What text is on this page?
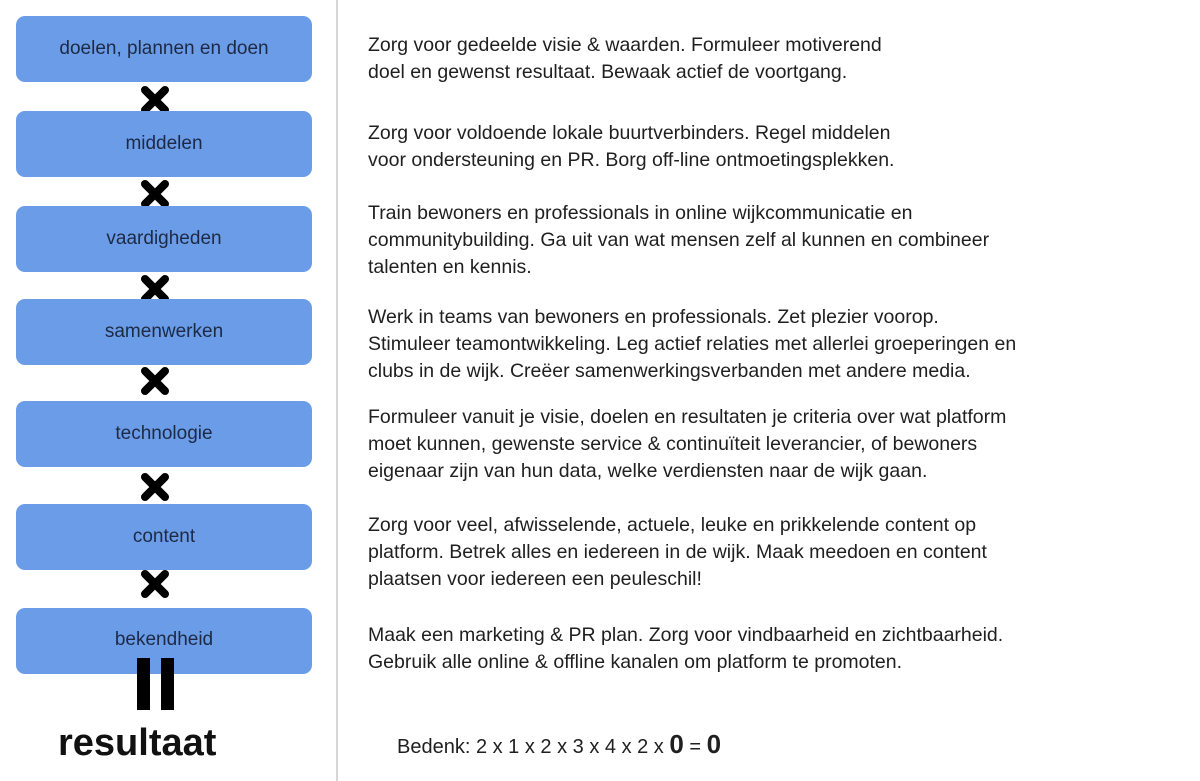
doelen, plannen en doen
middelen
vaardigheden
samenwerken
technologie
content
bekendheid
resultaat
Zorg voor gedeelde visie & waarden. Formuleer motiverend
doel en gewenst resultaat. Bewaak actief de voortgang.
Zorg voor voldoende lokale buurtverbinders. Regel middelen
voor ondersteuning en PR. Borg off-line ontmoetingsplekken.
Train bewoners en professionals in online wijkcommunicatie en
communitybuilding. Ga uit van wat mensen zelf al kunnen en combineer
talenten en kennis.
Werk in teams van bewoners en professionals. Zet plezier voorop.
Stimuleer teamontwikkeling. Leg actief relaties met allerlei groeperingen en
clubs in de wijk. Creëer samenwerkingsverbanden met andere media.
Formuleer vanuit je visie, doelen en resultaten je criteria over wat platform
moet kunnen, gewenste service & continuïteit leverancier, of bewoners
eigenaar zijn van hun data, welke verdiensten naar de wijk gaan.
Zorg voor veel, afwisselende, actuele, leuke en prikkelende content op
platform. Betrek alles en iedereen in de wijk. Maak meedoen en content
plaatsen voor iedereen een peuleschil!
Maak een marketing & PR plan. Zorg voor vindbaarheid en zichtbaarheid.
Gebruik alle online & offline kanalen om platform te promoten.
Bedenk: 2 x 1 x 2 x 3 x 4 x 2 x 0 = 0
